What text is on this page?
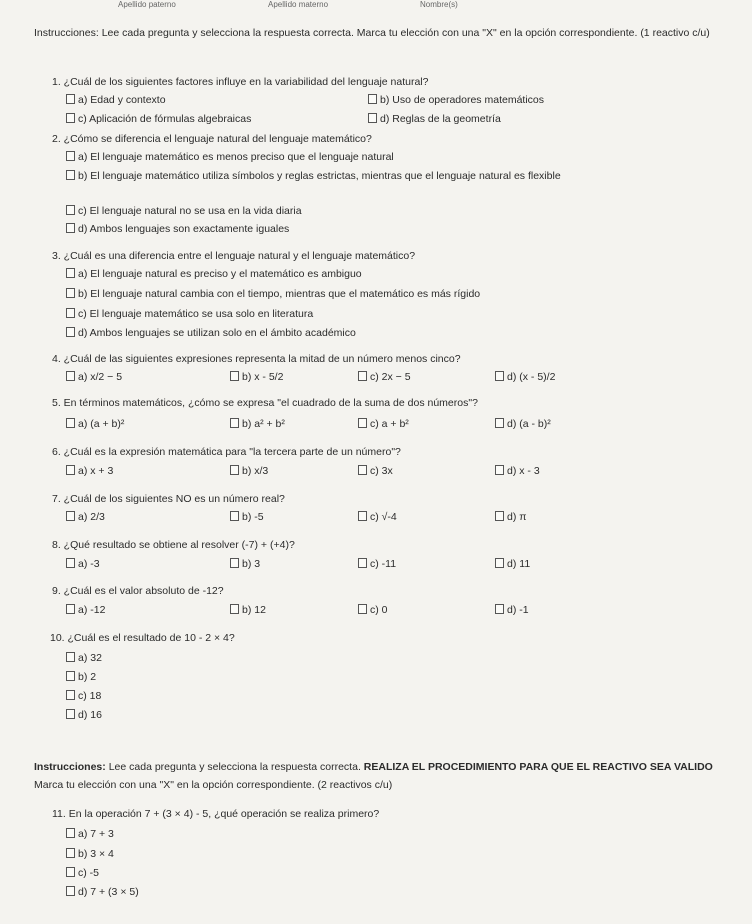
Apellido paterno	Apellido materno	Nombre(s)
Instrucciones: Lee cada pregunta y selecciona la respuesta correcta. Marca tu elección con una "X" en la opción correspondiente. (1 reactivo c/u)
1. ¿Cuál de los siguientes factores influye en la variabilidad del lenguaje natural?
a) Edad y contexto	b) Uso de operadores matemáticos
c) Aplicación de fórmulas algebraicas	d) Reglas de la geometría
2. ¿Cómo se diferencia el lenguaje natural del lenguaje matemático?
a) El lenguaje matemático es menos preciso que el lenguaje natural
b) El lenguaje matemático utiliza símbolos y reglas estrictas, mientras que el lenguaje natural es flexible
c) El lenguaje natural no se usa en la vida diaria
d) Ambos lenguajes son exactamente iguales
3. ¿Cuál es una diferencia entre el lenguaje natural y el lenguaje matemático?
a) El lenguaje natural es preciso y el matemático es ambiguo
b) El lenguaje natural cambia con el tiempo, mientras que el matemático es más rígido
c) El lenguaje matemático se usa solo en literatura
d) Ambos lenguajes se utilizan solo en el ámbito académico
4. ¿Cuál de las siguientes expresiones representa la mitad de un número menos cinco?
a) x/2 − 5	b) x - 5/2	c) 2x − 5	d) (x - 5)/2
5. En términos matemáticos, ¿cómo se expresa "el cuadrado de la suma de dos números"?
a) (a + b)²	b) a² + b²	c) a + b²	d) (a - b)²
6. ¿Cuál es la expresión matemática para "la tercera parte de un número"?
a) x + 3	b) x/3	c) 3x	d) x - 3
7. ¿Cuál de los siguientes NO es un número real?
a) 2/3	b) -5	c) √-4	d) π
8. ¿Qué resultado se obtiene al resolver (-7) + (+4)?
a) -3	b) 3	c) -11	d) 11
9. ¿Cuál es el valor absoluto de -12?
a) -12	b) 12	c) 0	d) -1
10. ¿Cuál es el resultado de 10 - 2 × 4?
a) 32
b) 2
c) 18
d) 16
Instrucciones: Lee cada pregunta y selecciona la respuesta correcta. REALIZA EL PROCEDIMIENTO PARA QUE EL REACTIVO SEA VALIDO Marca tu elección con una "X" en la opción correspondiente. (2 reactivos c/u)
11. En la operación 7 + (3 × 4) - 5, ¿qué operación se realiza primero?
a) 7 + 3
b) 3 × 4
c) -5
d) 7 + (3 × 5)
